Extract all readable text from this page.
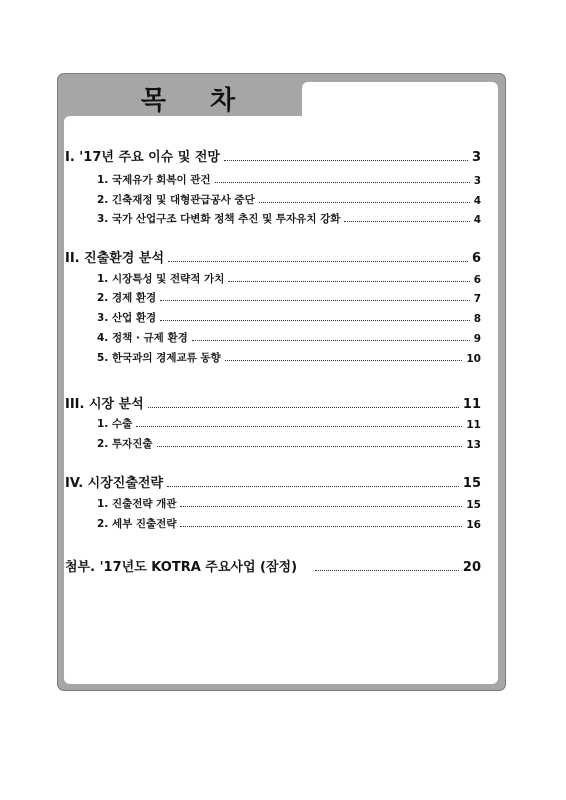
목 차
I. '17년 주요 이슈 및 전망	3
1. 국제유가 회복이 관건	3
2. 긴축재정 및 대형관급공사 중단	4
3. 국가 산업구조 다변화 정책 추진 및 투자유치 강화	4
II. 진출환경 분석	6
1. 시장특성 및 전략적 가치	6
2. 경제 환경	7
3. 산업 환경	8
4. 정책 · 규제 환경	9
5. 한국과의 경제교류 동향	10
III. 시장 분석	11
1. 수출	11
2. 투자진출	13
IV. 시장진출전략	15
1. 진출전략 개관	15
2. 세부 진출전략	16
첨부. '17년도 KOTRA 주요사업 (잠정)	20
